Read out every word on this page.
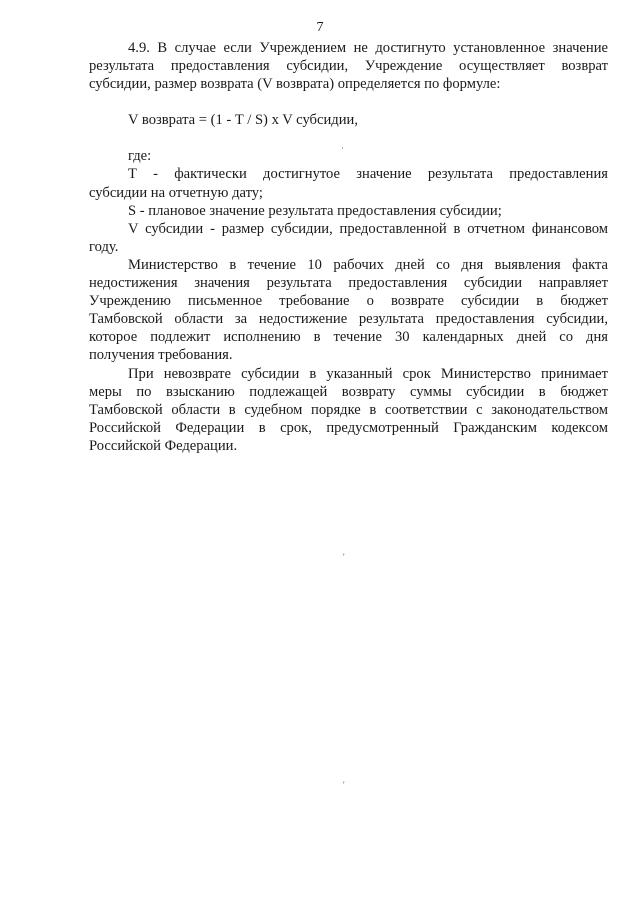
7
4.9. В случае если Учреждением не достигнуто установленное значение
результата предоставления субсидии, Учреждение осуществляет возврат
субсидии, размер возврата (V возврата) определяется по формуле:
V возврата = (1 - T / S) x V субсидии,
где:
Т - фактически достигнутое значение результата предоставления
субсидии на отчетную дату;
S - плановое значение результата предоставления субсидии;
V субсидии - размер субсидии, предоставленной в отчетном финансовом
году.
Министерство в течение 10 рабочих дней со дня выявления факта
недостижения значения результата предоставления субсидии направляет
Учреждению письменное требование о возврате субсидии в бюджет
Тамбовской области за недостижение результата предоставления субсидии,
которое подлежит исполнению в течение 30 календарных дней со дня
получения требования.
При невозврате субсидии в указанный срок Министерство принимает
меры по взысканию подлежащей возврату суммы субсидии в бюджет
Тамбовской области в судебном порядке в соответствии с законодательством
Российской Федерации в срок, предусмотренный Гражданским кодексом
Российской Федерации.
·
'
'
